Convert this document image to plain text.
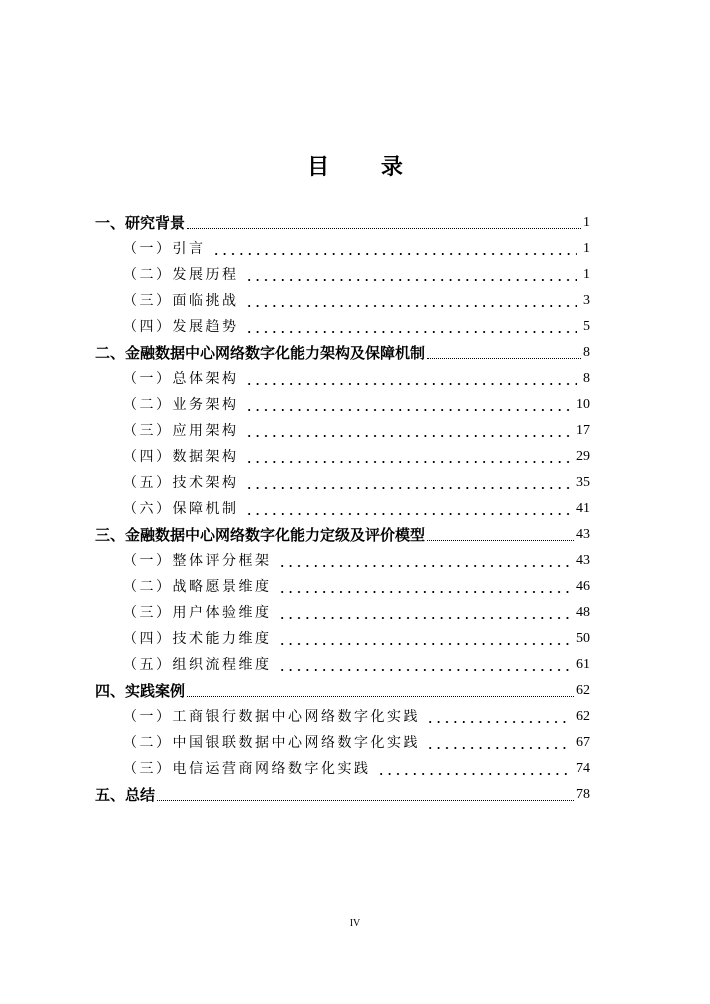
目 录
一、研究背景	1
（一）引言	1
（二）发展历程	1
（三）面临挑战	3
（四）发展趋势	5
二、金融数据中心网络数字化能力架构及保障机制	8
（一）总体架构	8
（二）业务架构	10
（三）应用架构	17
（四）数据架构	29
（五）技术架构	35
（六）保障机制	41
三、金融数据中心网络数字化能力定级及评价模型	43
（一）整体评分框架	43
（二）战略愿景维度	46
（三）用户体验维度	48
（四）技术能力维度	50
（五）组织流程维度	61
四、实践案例	62
（一）工商银行数据中心网络数字化实践	62
（二）中国银联数据中心网络数字化实践	67
（三）电信运营商网络数字化实践	74
五、总结	78
IV
